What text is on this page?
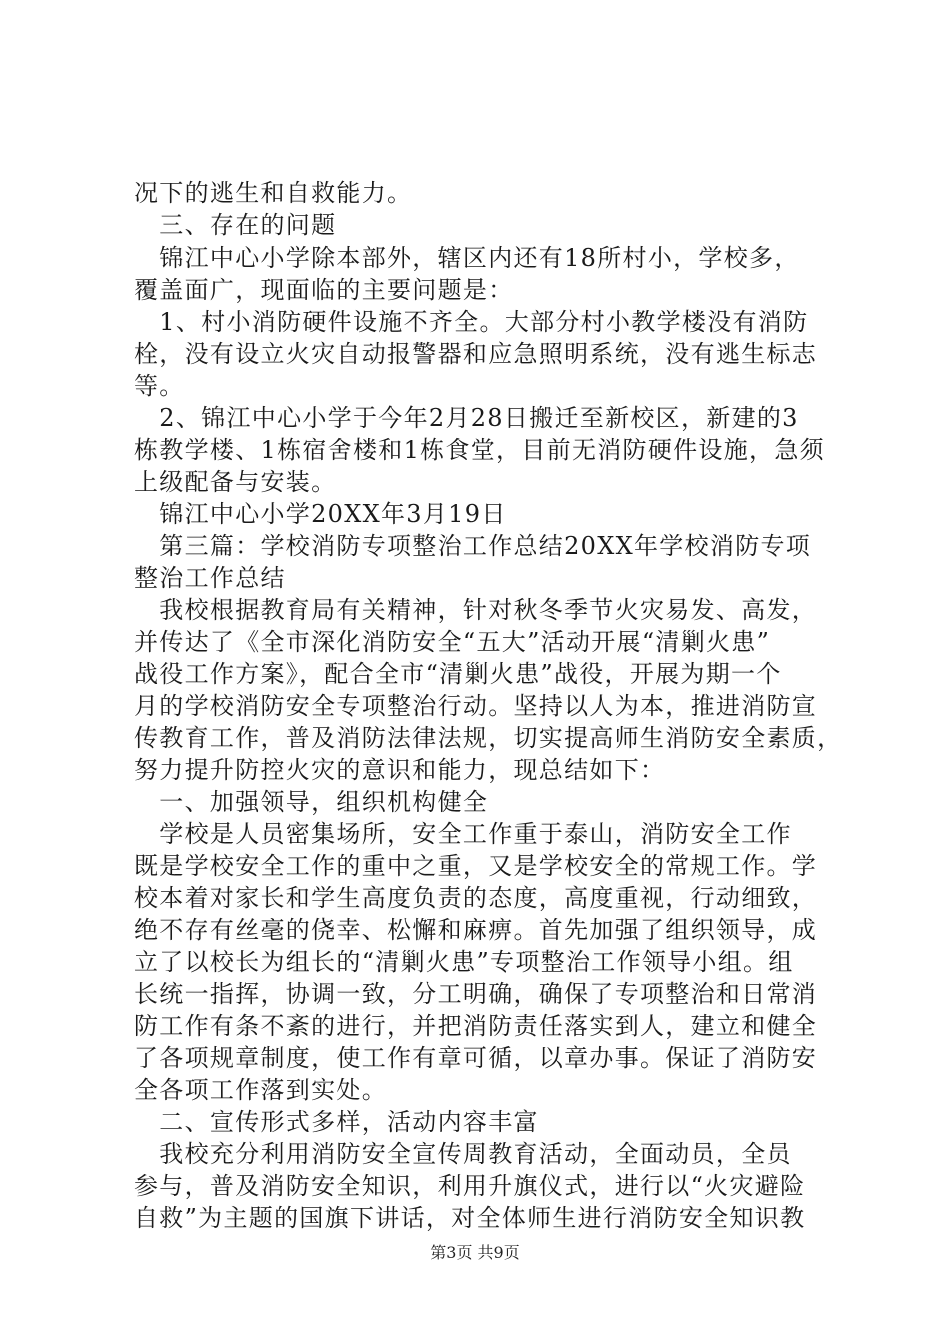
况下的逃生和自救能力。
　三、存在的问题
　锦江中心小学除本部外，辖区内还有18所村小，学校多，
覆盖面广，现面临的主要问题是：
　1、村小消防硬件设施不齐全。大部分村小教学楼没有消防
栓，没有设立火灾自动报警器和应急照明系统，没有逃生标志
等。
　2、锦江中心小学于今年2月28日搬迁至新校区，新建的3
栋教学楼、1栋宿舍楼和1栋食堂，目前无消防硬件设施，急须
上级配备与安装。
　锦江中心小学20XX年3月19日
　第三篇：学校消防专项整治工作总结20XX年学校消防专项
整治工作总结
　我校根据教育局有关精神，针对秋冬季节火灾易发、高发，
并传达了《全市深化消防安全“五大”活动开展“清剿火患”
战役工作方案》，配合全市“清剿火患”战役，开展为期一个
月的学校消防安全专项整治行动。坚持以人为本，推进消防宣
传教育工作，普及消防法律法规，切实提高师生消防安全素质，
努力提升防控火灾的意识和能力，现总结如下：
　一、加强领导，组织机构健全
　学校是人员密集场所，安全工作重于泰山，消防安全工作
既是学校安全工作的重中之重，又是学校安全的常规工作。学
校本着对家长和学生高度负责的态度，高度重视，行动细致，
绝不存有丝毫的侥幸、松懈和麻痹。首先加强了组织领导，成
立了以校长为组长的“清剿火患”专项整治工作领导小组。组
长统一指挥，协调一致，分工明确，确保了专项整治和日常消
防工作有条不紊的进行，并把消防责任落实到人，建立和健全
了各项规章制度，使工作有章可循，以章办事。保证了消防安
全各项工作落到实处。
　二、宣传形式多样，活动内容丰富
　我校充分利用消防安全宣传周教育活动，全面动员，全员
参与，普及消防安全知识，利用升旗仪式，进行以“火灾避险
自救”为主题的国旗下讲话，对全体师生进行消防安全知识教
第3页 共9页
